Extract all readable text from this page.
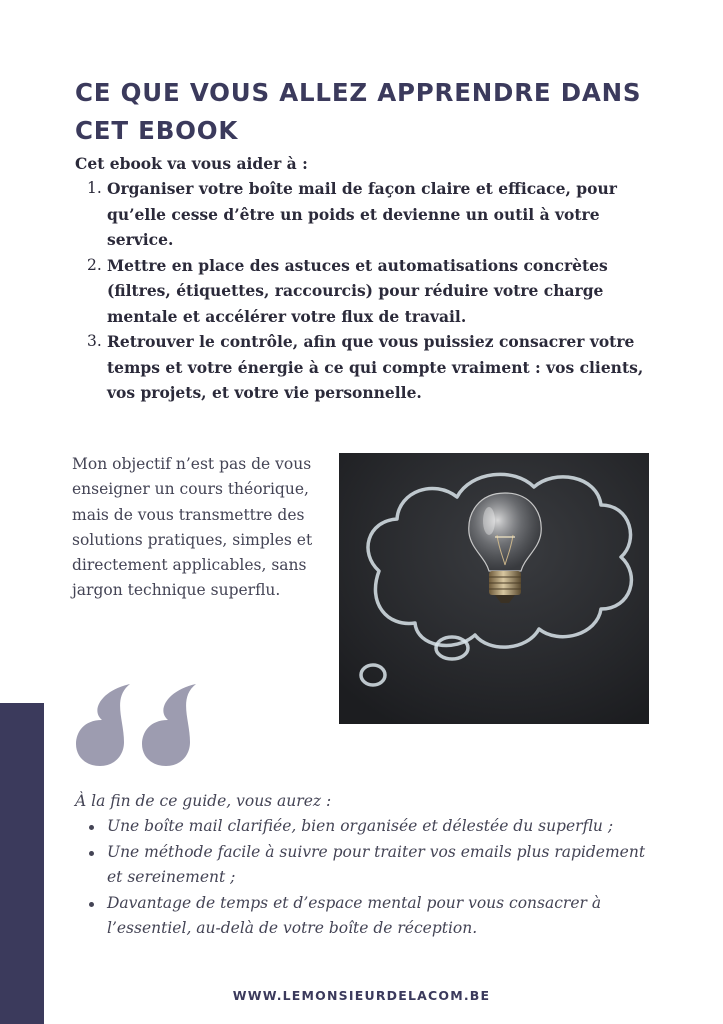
CE QUE VOUS ALLEZ APPRENDRE DANS CET EBOOK

Cet ebook va vous aider à :

1. Organiser votre boîte mail de façon claire et efficace, pour qu’elle cesse d’être un poids et devienne un outil à votre service.
2. Mettre en place des astuces et automatisations concrètes (filtres, étiquettes, raccourcis) pour réduire votre charge mentale et accélérer votre flux de travail.
3. Retrouver le contrôle, afin que vous puissiez consacrer votre temps et votre énergie à ce qui compte vraiment : vos clients, vos projets, et votre vie personnelle.

Mon objectif n’est pas de vous enseigner un cours théorique, mais de vous transmettre des solutions pratiques, simples et directement applicables, sans jargon technique superflu.

À la fin de ce guide, vous aurez :

Une boîte mail clarifiée, bien organisée et délestée du superflu ;
Une méthode facile à suivre pour traiter vos emails plus rapidement et sereinement ;
Davantage de temps et d’espace mental pour vous consacrer à l’essentiel, au-delà de votre boîte de réception.

WWW.LEMONSIEURDELACOM.BE
